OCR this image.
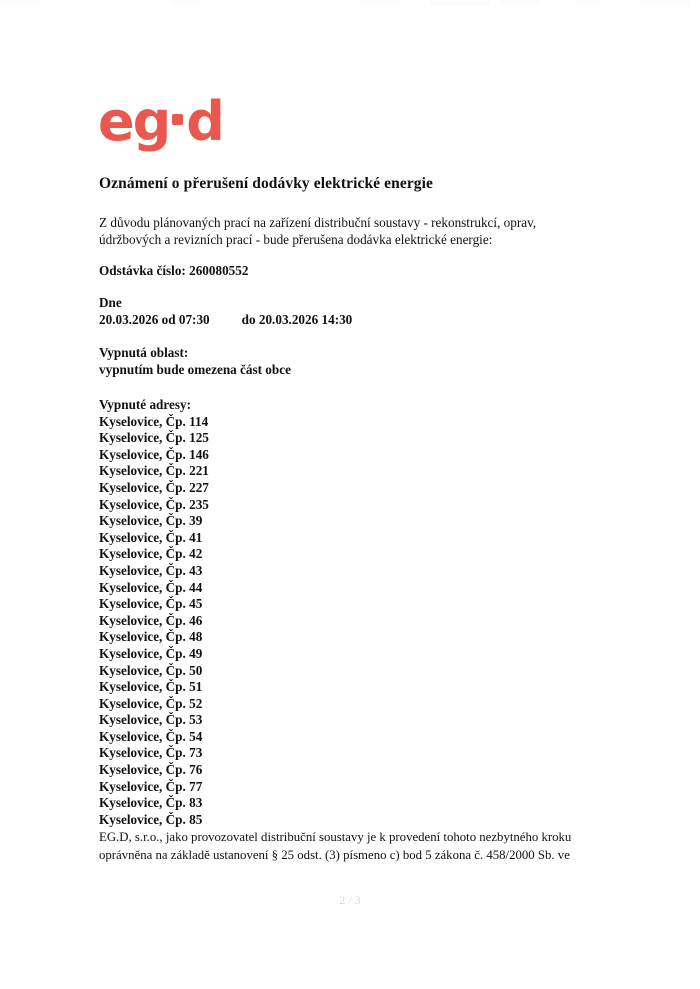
eg d
Oznámení o přerušení dodávky elektrické energie
Z důvodu plánovaných prací na zařízení distribuční soustavy - rekonstrukcí, oprav,
údržbových a revizních prací - bude přerušena dodávka elektrické energie:
Odstávka číslo: 260080552
Dne
20.03.2026 od 07:30 do 20.03.2026 14:30
Vypnutá oblast:
vypnutím bude omezena část obce
Vypnuté adresy:
Kyselovice, Čp. 114
Kyselovice, Čp. 125
Kyselovice, Čp. 146
Kyselovice, Čp. 221
Kyselovice, Čp. 227
Kyselovice, Čp. 235
Kyselovice, Čp. 39
Kyselovice, Čp. 41
Kyselovice, Čp. 42
Kyselovice, Čp. 43
Kyselovice, Čp. 44
Kyselovice, Čp. 45
Kyselovice, Čp. 46
Kyselovice, Čp. 48
Kyselovice, Čp. 49
Kyselovice, Čp. 50
Kyselovice, Čp. 51
Kyselovice, Čp. 52
Kyselovice, Čp. 53
Kyselovice, Čp. 54
Kyselovice, Čp. 73
Kyselovice, Čp. 76
Kyselovice, Čp. 77
Kyselovice, Čp. 83
Kyselovice, Čp. 85
EG.D, s.r.o., jako provozovatel distribuční soustavy je k provedení tohoto nezbytného kroku
oprávněna na základě ustanovení § 25 odst. (3) písmeno c) bod 5 zákona č. 458/2000 Sb. ve
2 / 3
